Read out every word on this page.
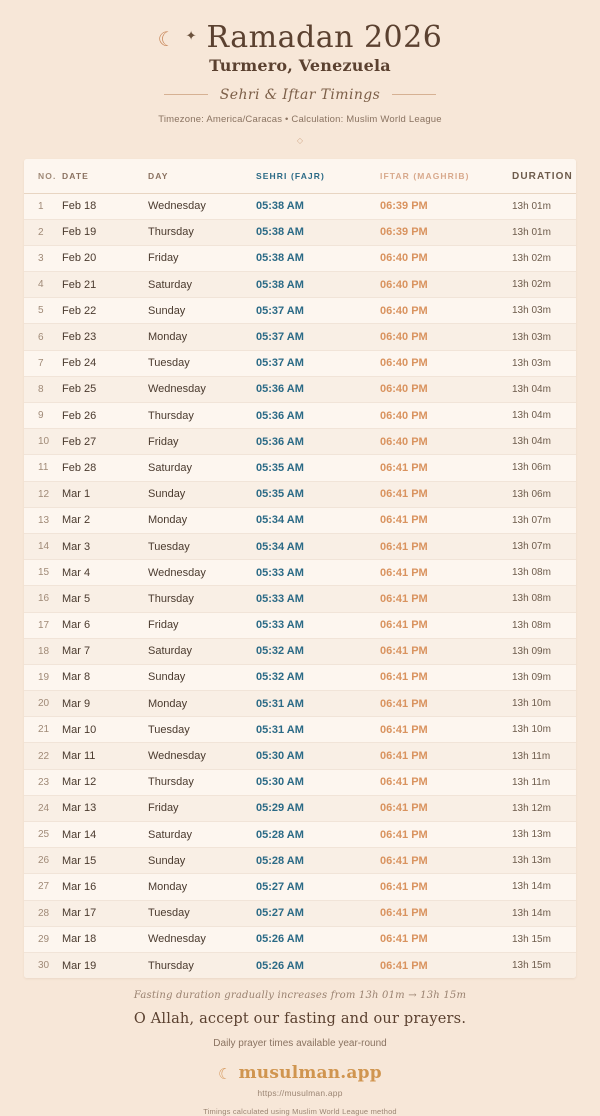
☾ ✦ Ramadan 2026
Turmero, Venezuela
Sehri & Iftar Timings
Timezone: America/Caracas • Calculation: Muslim World League
◇
NO.	DATE	DAY	SEHRI (FAJR)	IFTAR (MAGHRIB)	DURATION
1	Feb 18	Wednesday	05:38 AM	06:39 PM	13h 01m
2	Feb 19	Thursday	05:38 AM	06:39 PM	13h 01m
3	Feb 20	Friday	05:38 AM	06:40 PM	13h 02m
4	Feb 21	Saturday	05:38 AM	06:40 PM	13h 02m
5	Feb 22	Sunday	05:37 AM	06:40 PM	13h 03m
6	Feb 23	Monday	05:37 AM	06:40 PM	13h 03m
7	Feb 24	Tuesday	05:37 AM	06:40 PM	13h 03m
8	Feb 25	Wednesday	05:36 AM	06:40 PM	13h 04m
9	Feb 26	Thursday	05:36 AM	06:40 PM	13h 04m
10	Feb 27	Friday	05:36 AM	06:40 PM	13h 04m
11	Feb 28	Saturday	05:35 AM	06:41 PM	13h 06m
12	Mar 1	Sunday	05:35 AM	06:41 PM	13h 06m
13	Mar 2	Monday	05:34 AM	06:41 PM	13h 07m
14	Mar 3	Tuesday	05:34 AM	06:41 PM	13h 07m
15	Mar 4	Wednesday	05:33 AM	06:41 PM	13h 08m
16	Mar 5	Thursday	05:33 AM	06:41 PM	13h 08m
17	Mar 6	Friday	05:33 AM	06:41 PM	13h 08m
18	Mar 7	Saturday	05:32 AM	06:41 PM	13h 09m
19	Mar 8	Sunday	05:32 AM	06:41 PM	13h 09m
20	Mar 9	Monday	05:31 AM	06:41 PM	13h 10m
21	Mar 10	Tuesday	05:31 AM	06:41 PM	13h 10m
22	Mar 11	Wednesday	05:30 AM	06:41 PM	13h 11m
23	Mar 12	Thursday	05:30 AM	06:41 PM	13h 11m
24	Mar 13	Friday	05:29 AM	06:41 PM	13h 12m
25	Mar 14	Saturday	05:28 AM	06:41 PM	13h 13m
26	Mar 15	Sunday	05:28 AM	06:41 PM	13h 13m
27	Mar 16	Monday	05:27 AM	06:41 PM	13h 14m
28	Mar 17	Tuesday	05:27 AM	06:41 PM	13h 14m
29	Mar 18	Wednesday	05:26 AM	06:41 PM	13h 15m
30	Mar 19	Thursday	05:26 AM	06:41 PM	13h 15m
Fasting duration gradually increases from 13h 01m → 13h 15m
O Allah, accept our fasting and our prayers.
Daily prayer times available year-round
☾ musulman.app
https://musulman.app
Timings calculated using Muslim World League method
